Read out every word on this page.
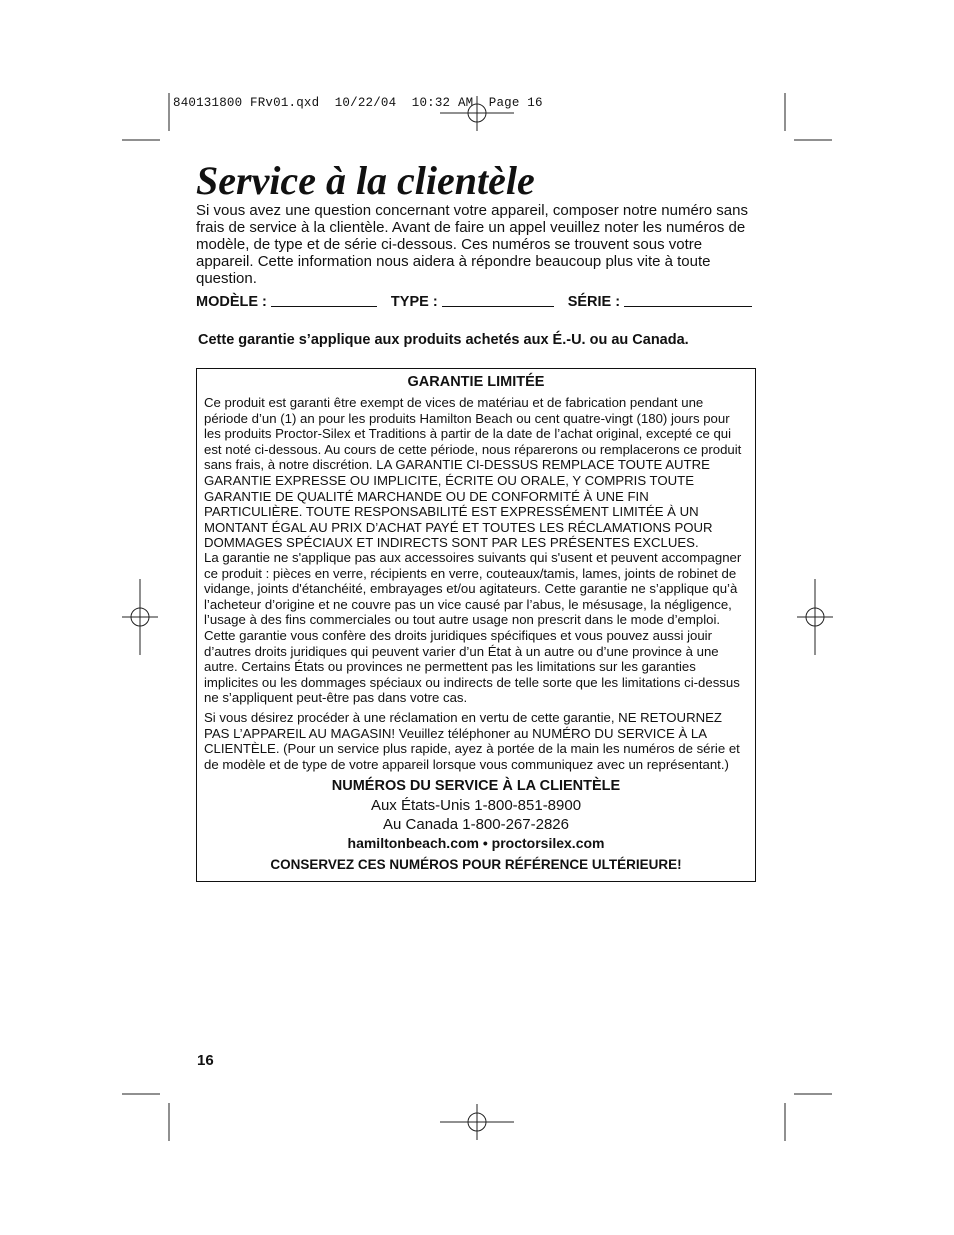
840131800 FRv01.qxd  10/22/04  10:32 AM  Page 16
Service à la clientèle
Si vous avez une question concernant votre appareil, composer notre numéro sans frais de service à la clientèle. Avant de faire un appel veuillez noter les numéros de modèle, de type et de série ci-dessous. Ces numéros se trouvent sous votre appareil. Cette information nous aidera à répondre beaucoup plus vite à toute question.
MODÈLE :	TYPE :	SÉRIE :
Cette garantie s’applique aux produits achetés aux É.-U. ou au Canada.
GARANTIE LIMITÉE
Ce produit est garanti être exempt de vices de matériau et de fabrication pendant une période d’un (1) an pour les produits Hamilton Beach ou cent quatre-vingt (180) jours pour les produits Proctor-Silex et Traditions à partir de la date de l’achat original, excepté ce qui est noté ci-dessous. Au cours de cette période, nous réparerons ou remplacerons ce produit sans frais, à notre discrétion. LA GARANTIE CI-DESSUS REMPLACE TOUTE AUTRE GARANTIE EXPRESSE OU IMPLICITE, ÉCRITE OU ORALE, Y COMPRIS TOUTE GARANTIE DE QUALITÉ MARCHANDE OU DE CONFORMITÉ À UNE FIN PARTICULIÈRE. TOUTE RESPONSABILITÉ EST EXPRESSÉMENT LIMITÉE À UN MONTANT ÉGAL AU PRIX D’ACHAT PAYÉ ET TOUTES LES RÉCLAMATIONS POUR DOMMAGES SPÉCIAUX ET INDIRECTS SONT PAR LES PRÉSENTES EXCLUES.
La garantie ne s'applique pas aux accessoires suivants qui s'usent et peuvent accompagner ce produit : pièces en verre, récipients en verre, couteaux/tamis, lames, joints de robinet de vidange, joints d'étanchéité, embrayages et/ou agitateurs. Cette garantie ne s’applique qu’à l’acheteur d’origine et ne couvre pas un vice causé par l’abus, le mésusage, la négligence, l’usage à des fins commerciales ou tout autre usage non prescrit dans le mode d’emploi. Cette garantie vous confère des droits juridiques spécifiques et vous pouvez aussi jouir d’autres droits juridiques qui peuvent varier d’un État à un autre ou d’une province à une autre. Certains États ou provinces ne permettent pas les limitations sur les garanties implicites ou les dommages spéciaux ou indirects de telle sorte que les limitations ci-dessus ne s’appliquent peut-être pas dans votre cas.
Si vous désirez procéder à une réclamation en vertu de cette garantie, NE RETOURNEZ PAS L’APPAREIL AU MAGASIN! Veuillez téléphoner au NUMÉRO DU SERVICE À LA CLIENTÈLE. (Pour un service plus rapide, ayez à portée de la main les numéros de série et de modèle et de type de votre appareil lorsque vous communiquez avec un représentant.)
NUMÉROS DU SERVICE À LA CLIENTÈLE
Aux États-Unis 1-800-851-8900
Au Canada 1-800-267-2826
hamiltonbeach.com • proctorsilex.com
CONSERVEZ CES NUMÉROS POUR RÉFÉRENCE ULTÉRIEURE!
16
